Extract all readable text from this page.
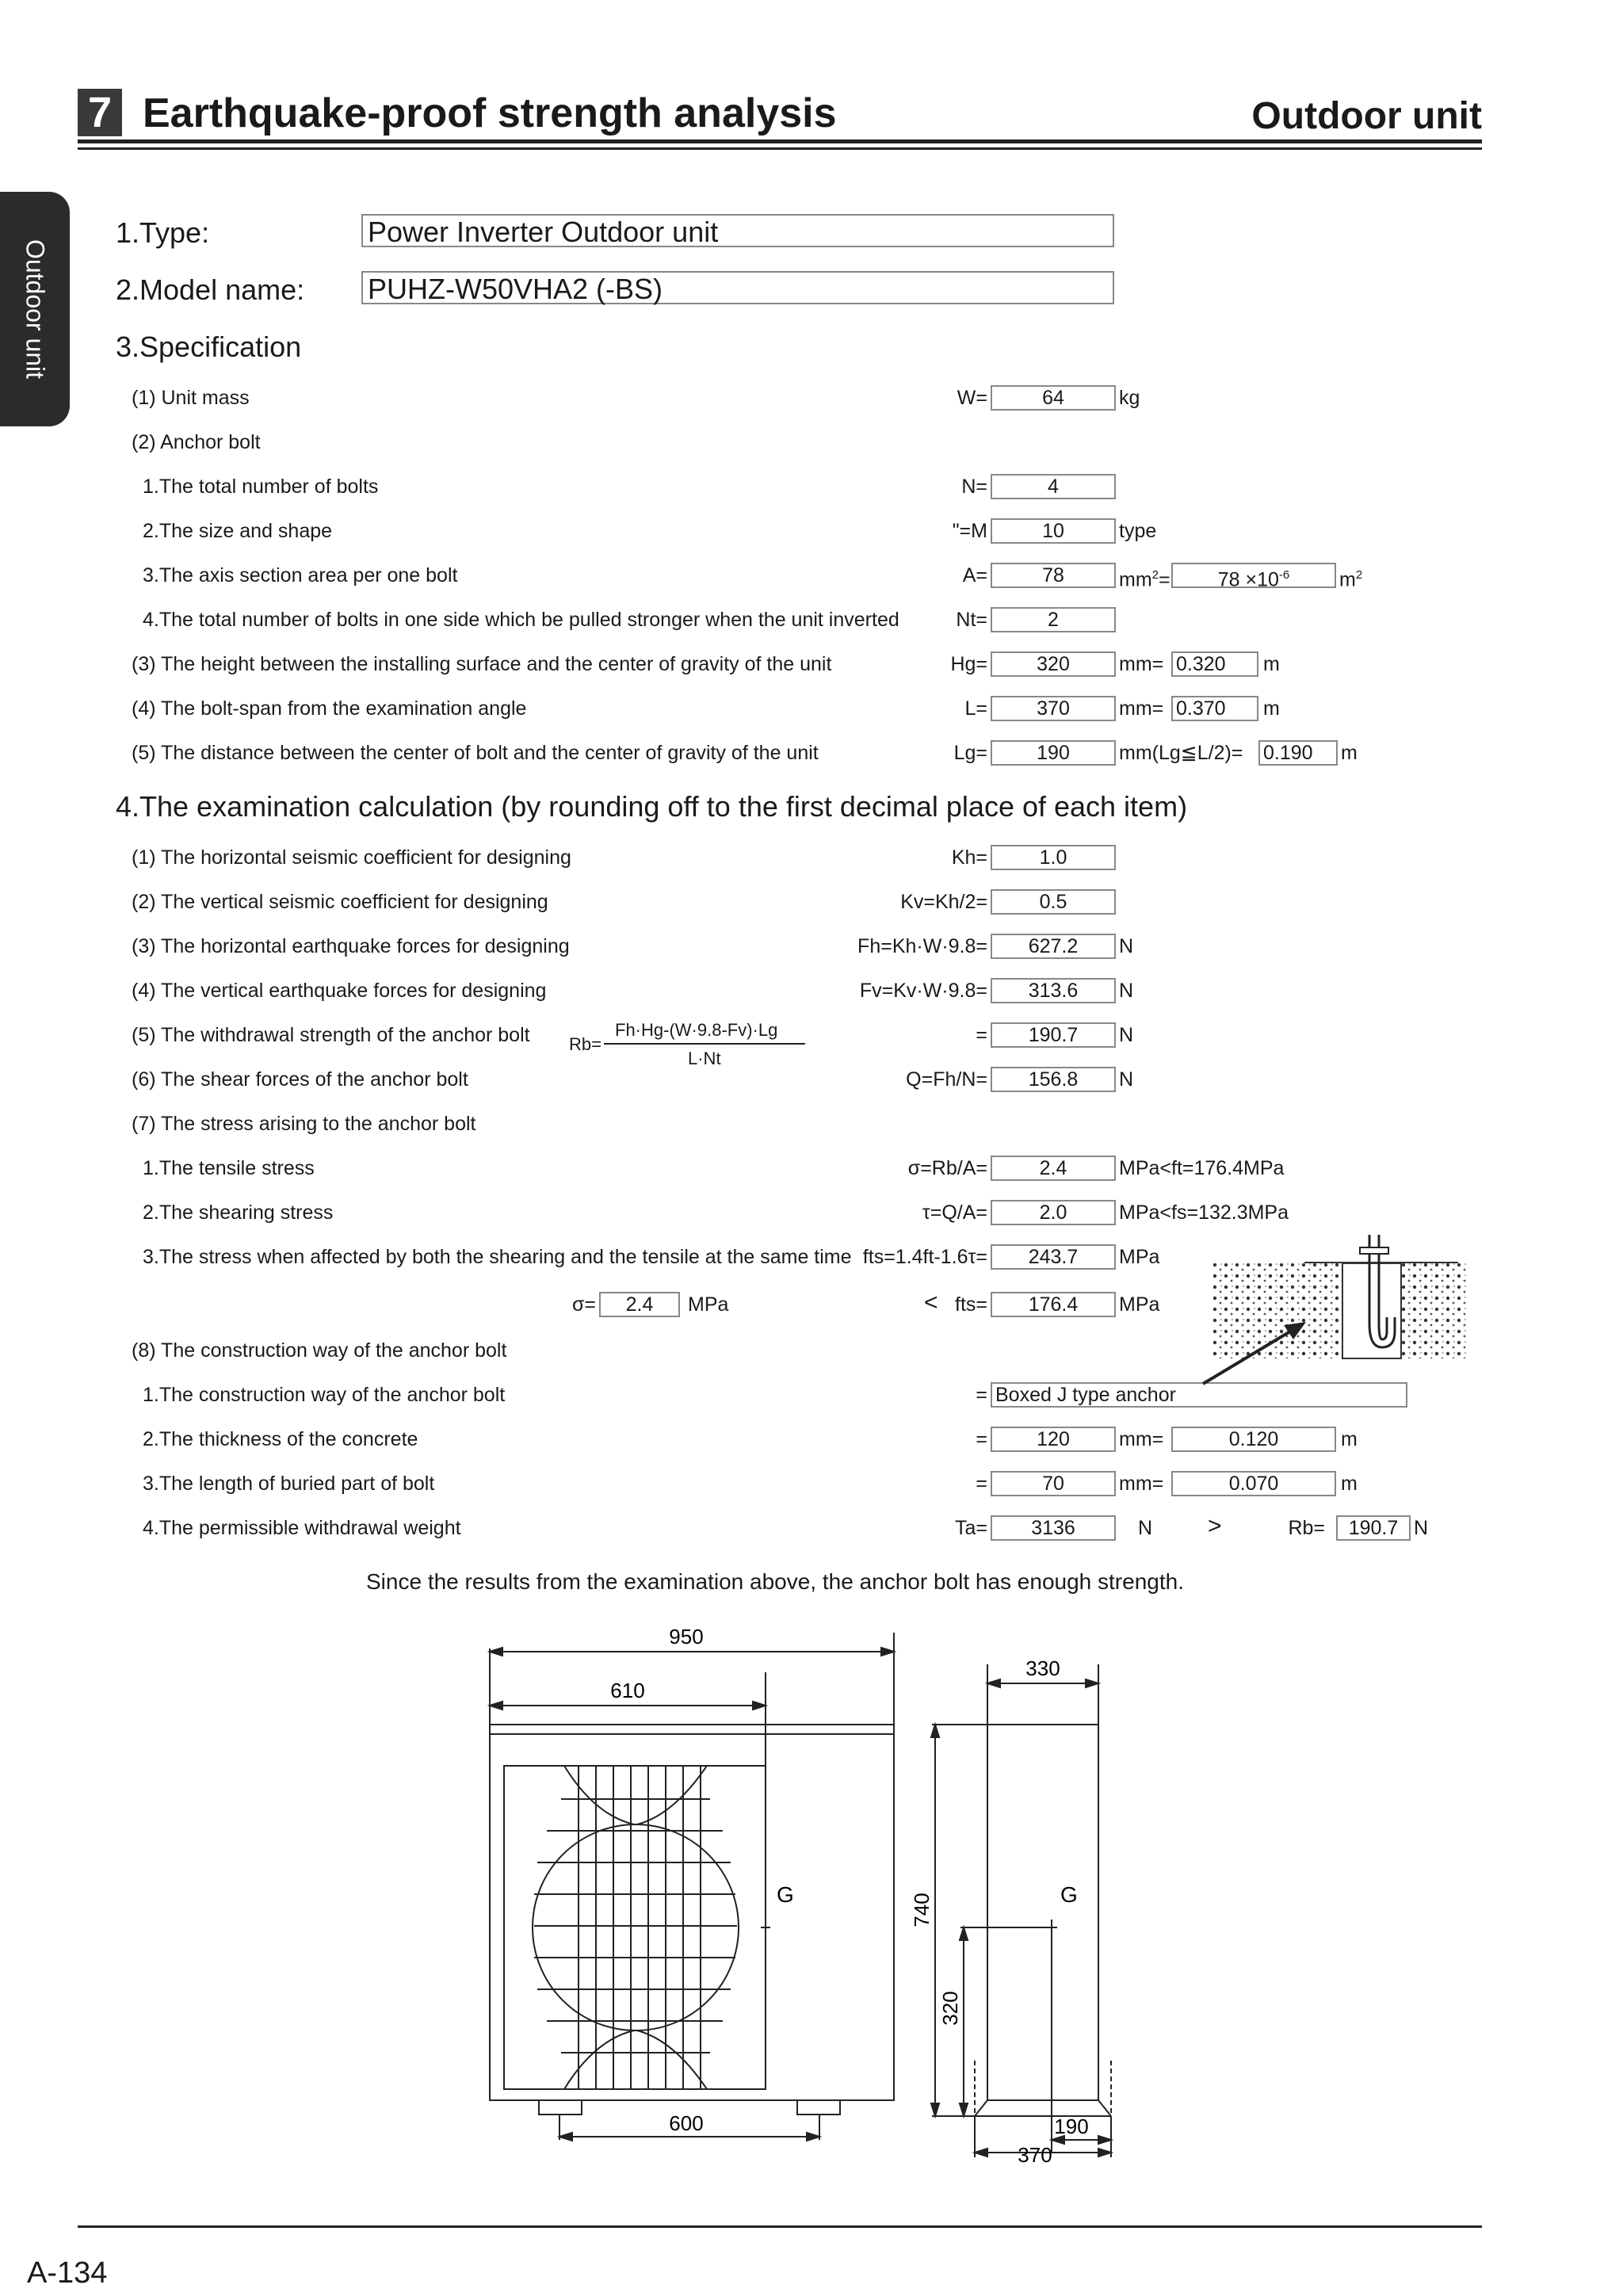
7 Earthquake-proof strength analysis	Outdoor unit
Outdoor unit
1.Type:	Power Inverter Outdoor unit
2.Model name: PUHZ-W50VHA2 (-BS)
3.Specification
(1) Unit mass	W=	64	kg
(2) Anchor bolt
1.The total number of bolts	N=	4
2.The size and shape	"=M	10	type
3.The axis section area per one bolt	A=	78	$mm^2=$	$78 \times 10^{-6}$	$m^2$
4.The total number of bolts in one side which be pulled stronger when the unit inverted	Nt=	2
(3) The height between the installing surface and the center of gravity of the unit	Hg=	320	mm= 0.320	m
(4) The bolt-span from the examination angle	L=	370	mm= 0.370	m
(5) The distance between the center of bolt and the center of gravity of the unit	Lg=	190	mm(Lg≦L/2)= 0.190	m
4.The examination calculation (by rounding off to the first decimal place of each item)
(1) The horizontal seismic coefficient for designing	Kh=	1.0
(2) The vertical seismic coefficient for designing	Kv=Kh/2=	0.5
(3) The horizontal earthquake forces for designing	Fh=Kh·W·9.8=	627.2	N
(4) The vertical earthquake forces for designing	Fv=Kv·W·9.8=	313.6	N
(5) The withdrawal strength of the anchor bolt Rb=
Fh·Hg-(W·9.8-Fv)·Lg
L·Nt
=	190.7	N
(6) The shear forces of the anchor bolt	Q=Fh/N=	156.8	N
(7) The stress arising to the anchor bolt
1.The tensile stress	σ=Rb/A=	2.4	MPa<ft=176.4MPa
2.The shearing stress	τ=Q/A=	2.0	MPa<fs=132.3MPa
3.The stress when affected by both the shearing and the tensile at the same time fts=1.4ft-1.6τ=	243.7	MPa
σ=	2.4	MPa	< fts=	176.4	MPa
(8) The construction way of the anchor bolt
1.The construction way of the anchor bolt	= Boxed J type anchor
2.The thickness of the concrete	=	120	mm=	0.120	m
3.The length of buried part of bolt	=	70	mm=	0.070	m
4.The permissible withdrawal weight	Ta=	3136	N >	Rb=	190.7 N
Since the results from the examination above, the anchor bolt has enough strength.
950
610
600
330
740
320
190
370
G	G
A-134
